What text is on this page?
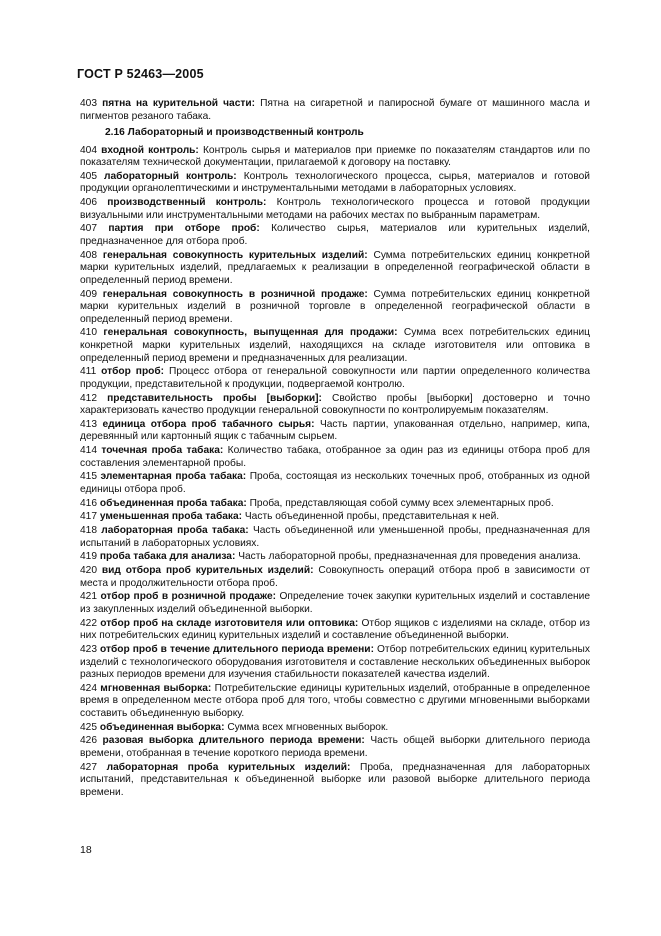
ГОСТ Р 52463—2005

403 пятна на курительной части: Пятна на сигаретной и папиросной бумаге от машинного масла и пигментов резаного табака.

2.16 Лабораторный и производственный контроль

404 входной контроль: Контроль сырья и материалов при приемке по показателям стандартов или по показателям технической документации, прилагаемой к договору на поставку.

405 лабораторный контроль: Контроль технологического процесса, сырья, материалов и готовой продукции органолептическими и инструментальными методами в лабораторных условиях.

406 производственный контроль: Контроль технологического процесса и готовой продукции визуальными или инструментальными методами на рабочих местах по выбранным параметрам.

407 партия при отборе проб: Количество сырья, материалов или курительных изделий, предназначенное для отбора проб.

408 генеральная совокупность курительных изделий: Сумма потребительских единиц конкретной марки курительных изделий, предлагаемых к реализации в определенной географической области в определенный период времени.

409 генеральная совокупность в розничной продаже: Сумма потребительских единиц конкретной марки курительных изделий в розничной торговле в определенной географической области в определенный период времени.

410 генеральная совокупность, выпущенная для продажи: Сумма всех потребительских единиц конкретной марки курительных изделий, находящихся на складе изготовителя или оптовика в определенный период времени и предназначенных для реализации.

411 отбор проб: Процесс отбора от генеральной совокупности или партии определенного количества продукции, представительной к продукции, подвергаемой контролю.

412 представительность пробы [выборки]: Свойство пробы [выборки] достоверно и точно характеризовать качество продукции генеральной совокупности по контролируемым показателям.

413 единица отбора проб табачного сырья: Часть партии, упакованная отдельно, например, кипа, деревянный или картонный ящик с табачным сырьем.

414 точечная проба табака: Количество табака, отобранное за один раз из единицы отбора проб для составления элементарной пробы.

415 элементарная проба табака: Проба, состоящая из нескольких точечных проб, отобранных из одной единицы отбора проб.

416 объединенная проба табака: Проба, представляющая собой сумму всех элементарных проб.

417 уменьшенная проба табака: Часть объединенной пробы, представительная к ней.

418 лабораторная проба табака: Часть объединенной или уменьшенной пробы, предназначенная для испытаний в лабораторных условиях.

419 проба табака для анализа: Часть лабораторной пробы, предназначенная для проведения анализа.

420 вид отбора проб курительных изделий: Совокупность операций отбора проб в зависимости от места и продолжительности отбора проб.

421 отбор проб в розничной продаже: Определение точек закупки курительных изделий и составление из закупленных изделий объединенной выборки.

422 отбор проб на складе изготовителя или оптовика: Отбор ящиков с изделиями на складе, отбор из них потребительских единиц курительных изделий и составление объединенной выборки.

423 отбор проб в течение длительного периода времени: Отбор потребительских единиц курительных изделий с технологического оборудования изготовителя и составление нескольких объединенных выборок разных периодов времени для изучения стабильности показателей качества изделий.

424 мгновенная выборка: Потребительские единицы курительных изделий, отобранные в определенное время в определенном месте отбора проб для того, чтобы совместно с другими мгновенными выборками составить объединенную выборку.

425 объединенная выборка: Сумма всех мгновенных выборок.

426 разовая выборка длительного периода времени: Часть общей выборки длительного периода времени, отобранная в течение короткого периода времени.

427 лабораторная проба курительных изделий: Проба, предназначенная для лабораторных испытаний, представительная к объединенной выборке или разовой выборке длительного периода времени.

18
